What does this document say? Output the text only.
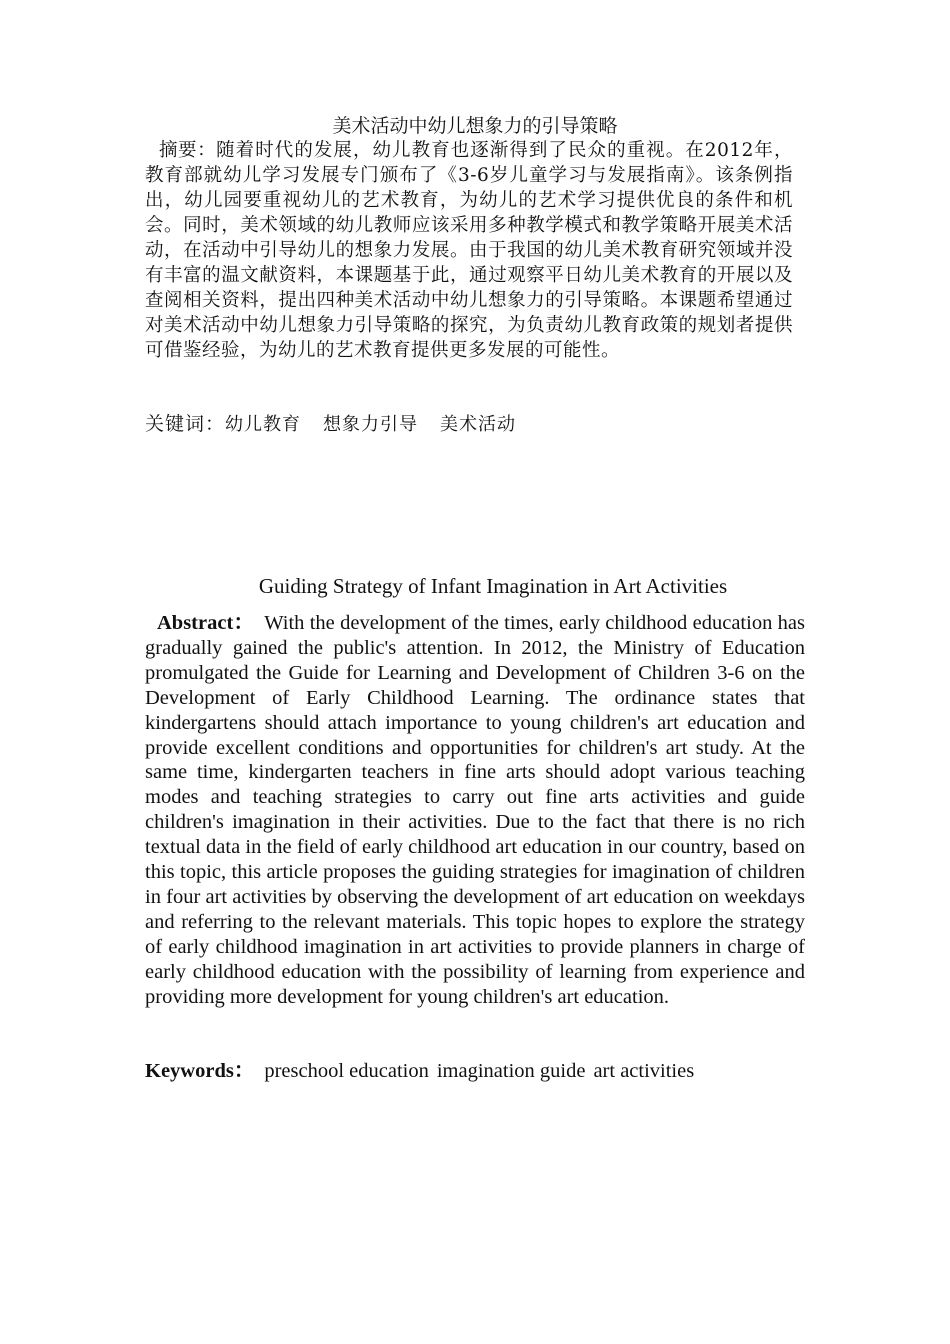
美术活动中幼儿想象力的引导策略

摘要：随着时代的发展，幼儿教育也逐渐得到了民众的重视。在2012年，教育部就幼儿学习发展专门颁布了《3-6岁儿童学习与发展指南》。该条例指出，幼儿园要重视幼儿的艺术教育，为幼儿的艺术学习提供优良的条件和机会。同时，美术领域的幼儿教师应该采用多种教学模式和教学策略开展美术活动，在活动中引导幼儿的想象力发展。由于我国的幼儿美术教育研究领域并没有丰富的温文献资料，本课题基于此，通过观察平日幼儿美术教育的开展以及查阅相关资料，提出四种美术活动中幼儿想象力的引导策略。本课题希望通过对美术活动中幼儿想象力引导策略的探究，为负责幼儿教育政策的规划者提供可借鉴经验，为幼儿的艺术教育提供更多发展的可能性。

关键词：幼儿教育 想象力引导 美术活动
Guiding Strategy of Infant Imagination in Art Activities

Abstract： With the development of the times, early childhood education has gradually gained the public's attention. In 2012, the Ministry of Education promulgated the Guide for Learning and Development of Children 3-6 on the Development of Early Childhood Learning. The ordinance states that kindergartens should attach importance to young children's art education and provide excellent conditions and opportunities for children's art study. At the same time, kindergarten teachers in fine arts should adopt various teaching modes and teaching strategies to carry out fine arts activities and guide children's imagination in their activities. Due to the fact that there is no rich textual data in the field of early childhood art education in our country, based on this topic, this article proposes the guiding strategies for imagination of children in four art activities by observing the development of art education on weekdays and referring to the relevant materials. This topic hopes to explore the strategy of early childhood imagination in art activities to provide planners in charge of early childhood education with the possibility of learning from experience and providing more development for young children's art education.

Keywords： preschool education imagination guide art activities
